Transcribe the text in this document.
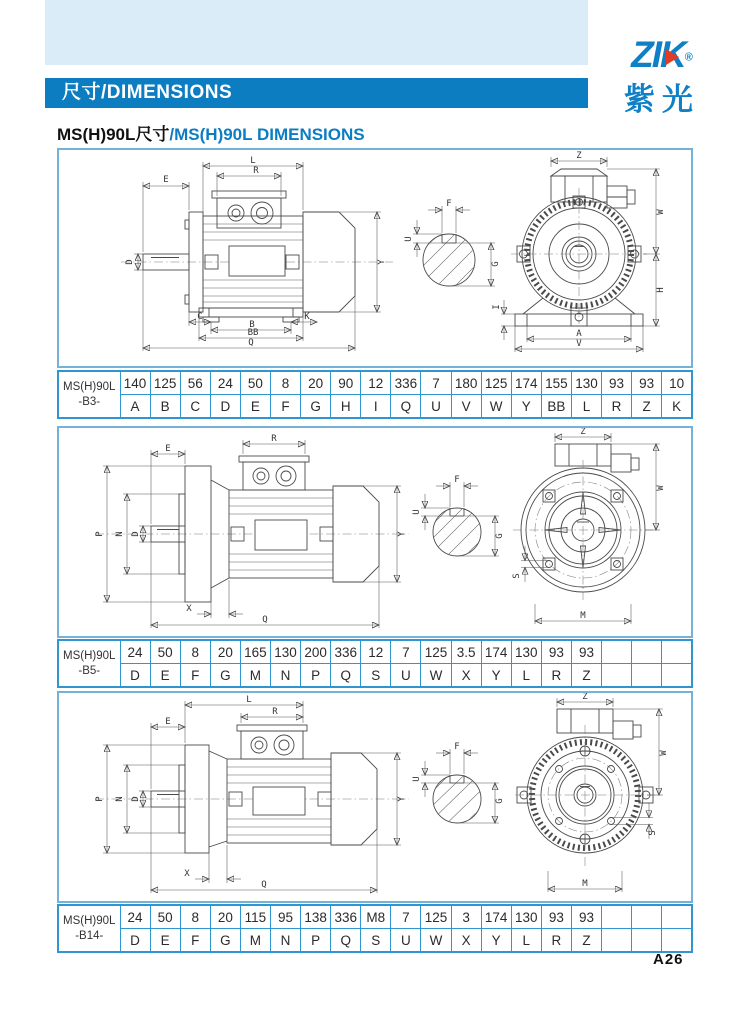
尺寸/DIMENSIONS
ZIK®
紫光
MS(H)90L尺寸/MS(H)90L DIMENSIONS
E
L
R
D	Y
C	K
B
BB
Q
F
U
G
Z
W
H
I
A
V
MS(H)90L
-B3-	140	125	56	24	50	8	20	90	12	336	7	180	125	174	155	130	93	93	10
	A	B	C	D	E	F	G	H	I	Q	U	V	W	Y	BB	L	R	Z	K
E
R
P N D
X
Q
Y
F
U
G
Z
W
S
M
MS(H)90L
-B5-	24	50	8	20	165	130	200	336	12	7	125	3.5	174	130	93	93			
	D	E	F	G	M	N	P	Q	S	U	W	X	Y	L	R	Z			
L
R
E
P N D
X
Q
Y
F
U
G
Z
W
S
M
MS(H)90L
-B14-	24	50	8	20	115	95	138	336	M8	7	125	3	174	130	93	93			
	D	E	F	G	M	N	P	Q	S	U	W	X	Y	L	R	Z			
A26
